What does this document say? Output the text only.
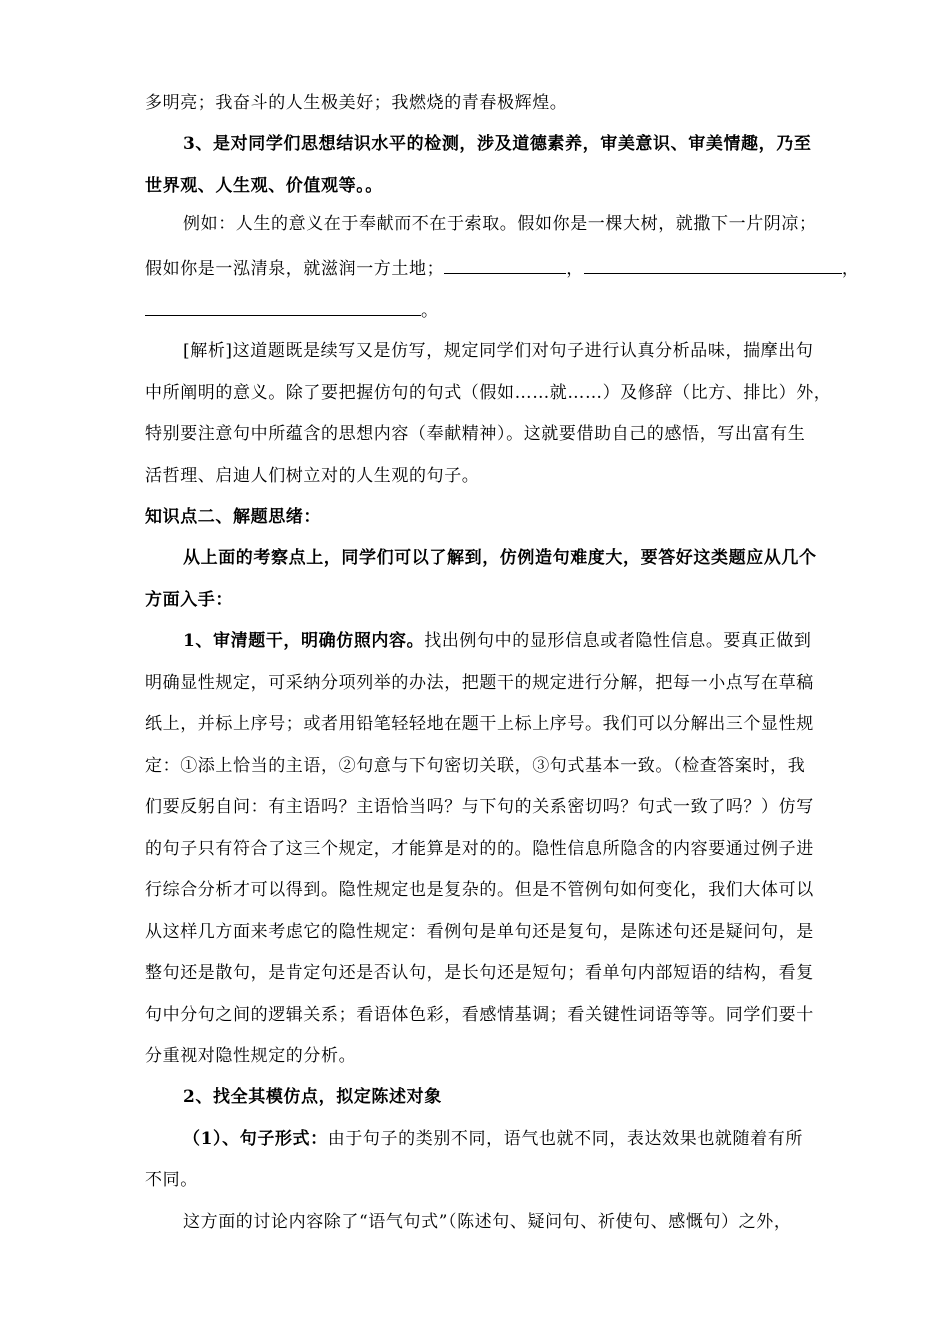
多明亮；我奋斗的人生极美好；我燃烧的青春极辉煌。
3、是对同学们思想结识水平的检测，涉及道德素养，审美意识、审美情趣，乃至
世界观、人生观、价值观等。。
例如：人生的意义在于奉献而不在于索取。假如你是一棵大树，就撒下一片阴凉；
假如你是一泓清泉，就滋润一方土地；	，	，
。
[解析]这道题既是续写又是仿写，规定同学们对句子进行认真分析品味，揣摩出句
中所阐明的意义。除了要把握仿句的句式（假如……就……）及修辞（比方、排比）外，
特别要注意句中所蕴含的思想内容（奉献精神）。这就要借助自己的感悟，写出富有生
活哲理、启迪人们树立对的人生观的句子。
知识点二、解题思绪：
从上面的考察点上，同学们可以了解到，仿例造句难度大，要答好这类题应从几个
方面入手：
1、审清题干，明确仿照内容。找出例句中的显形信息或者隐性信息。要真正做到
明确显性规定，可采纳分项列举的办法，把题干的规定进行分解，把每一小点写在草稿
纸上，并标上序号；或者用铅笔轻轻地在题干上标上序号。我们可以分解出三个显性规
定：①添上恰当的主语，②句意与下句密切关联，③句式基本一致。（检查答案时，我
们要反躬自问：有主语吗？主语恰当吗？与下句的关系密切吗？句式一致了吗？）仿写
的句子只有符合了这三个规定，才能算是对的的。隐性信息所隐含的内容要通过例子进
行综合分析才可以得到。隐性规定也是复杂的。但是不管例句如何变化，我们大体可以
从这样几方面来考虑它的隐性规定：看例句是单句还是复句，是陈述句还是疑问句，是
整句还是散句，是肯定句还是否认句，是长句还是短句；看单句内部短语的结构，看复
句中分句之间的逻辑关系；看语体色彩，看感情基调；看关键性词语等等。同学们要十
分重视对隐性规定的分析。
2、找全其模仿点，拟定陈述对象
（1）、句子形式：由于句子的类别不同，语气也就不同，表达效果也就随着有所
不同。
这方面的讨论内容除了“语气句式”（陈述句、疑问句、祈使句、感慨句）之外，
